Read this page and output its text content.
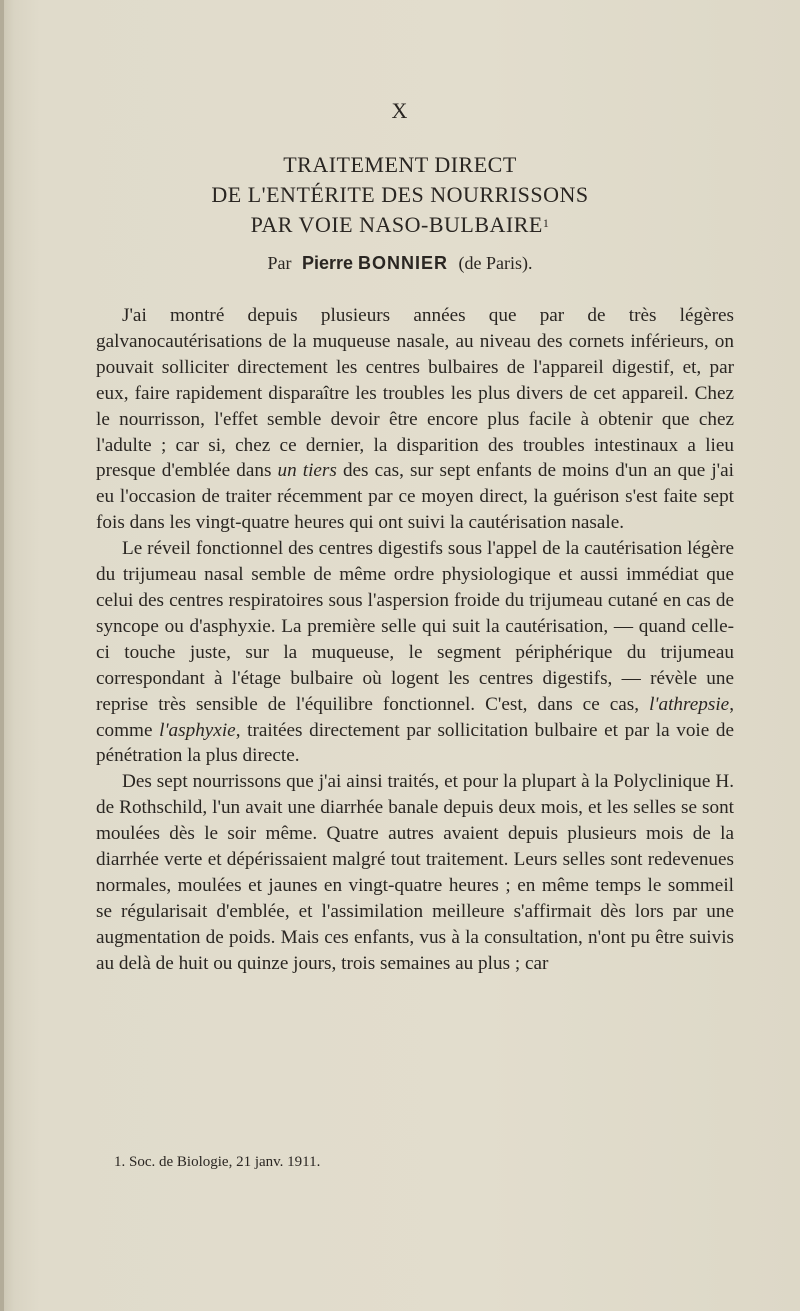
X
TRAITEMENT DIRECT
DE L'ENTÉRITE DES NOURRISSONS
PAR VOIE NASO-BULBAIRE$^1$
Par Pierre BONNIER (de Paris).

J'ai montré depuis plusieurs années que par de très légères galvanocautérisations de la muqueuse nasale, au niveau des cornets inférieurs, on pouvait solliciter directement les centres bulbaires de l'appareil digestif, et, par eux, faire rapidement disparaître les troubles les plus divers de cet appareil. Chez le nourrisson, l'effet semble devoir être encore plus facile à obtenir que chez l'adulte ; car si, chez ce dernier, la disparition des troubles intestinaux a lieu presque d'emblée dans un tiers des cas, sur sept enfants de moins d'un an que j'ai eu l'occasion de traiter récemment par ce moyen direct, la guérison s'est faite sept fois dans les vingt-quatre heures qui ont suivi la cautérisation nasale.

Le réveil fonctionnel des centres digestifs sous l'appel de la cautérisation légère du trijumeau nasal semble de même ordre physiologique et aussi immédiat que celui des centres respiratoires sous l'aspersion froide du trijumeau cutané en cas de syncope ou d'asphyxie. La première selle qui suit la cautérisation, — quand celle-ci touche juste, sur la muqueuse, le segment périphérique du trijumeau correspondant à l'étage bulbaire où logent les centres digestifs, — révèle une reprise très sensible de l'équilibre fonctionnel. C'est, dans ce cas, l'athrepsie, comme l'asphyxie, traitées directement par sollicitation bulbaire et par la voie de pénétration la plus directe.

Des sept nourrissons que j'ai ainsi traités, et pour la plupart à la Polyclinique H. de Rothschild, l'un avait une diarrhée banale depuis deux mois, et les selles se sont moulées dès le soir même. Quatre autres avaient depuis plusieurs mois de la diarrhée verte et dépérissaient malgré tout traitement. Leurs selles sont redevenues normales, moulées et jaunes en vingt-quatre heures ; en même temps le sommeil se régularisait d'emblée, et l'assimilation meilleure s'affirmait dès lors par une augmentation de poids. Mais ces enfants, vus à la consultation, n'ont pu être suivis au delà de huit ou quinze jours, trois semaines au plus ; car

1. Soc. de Biologie, 21 janv. 1911.
